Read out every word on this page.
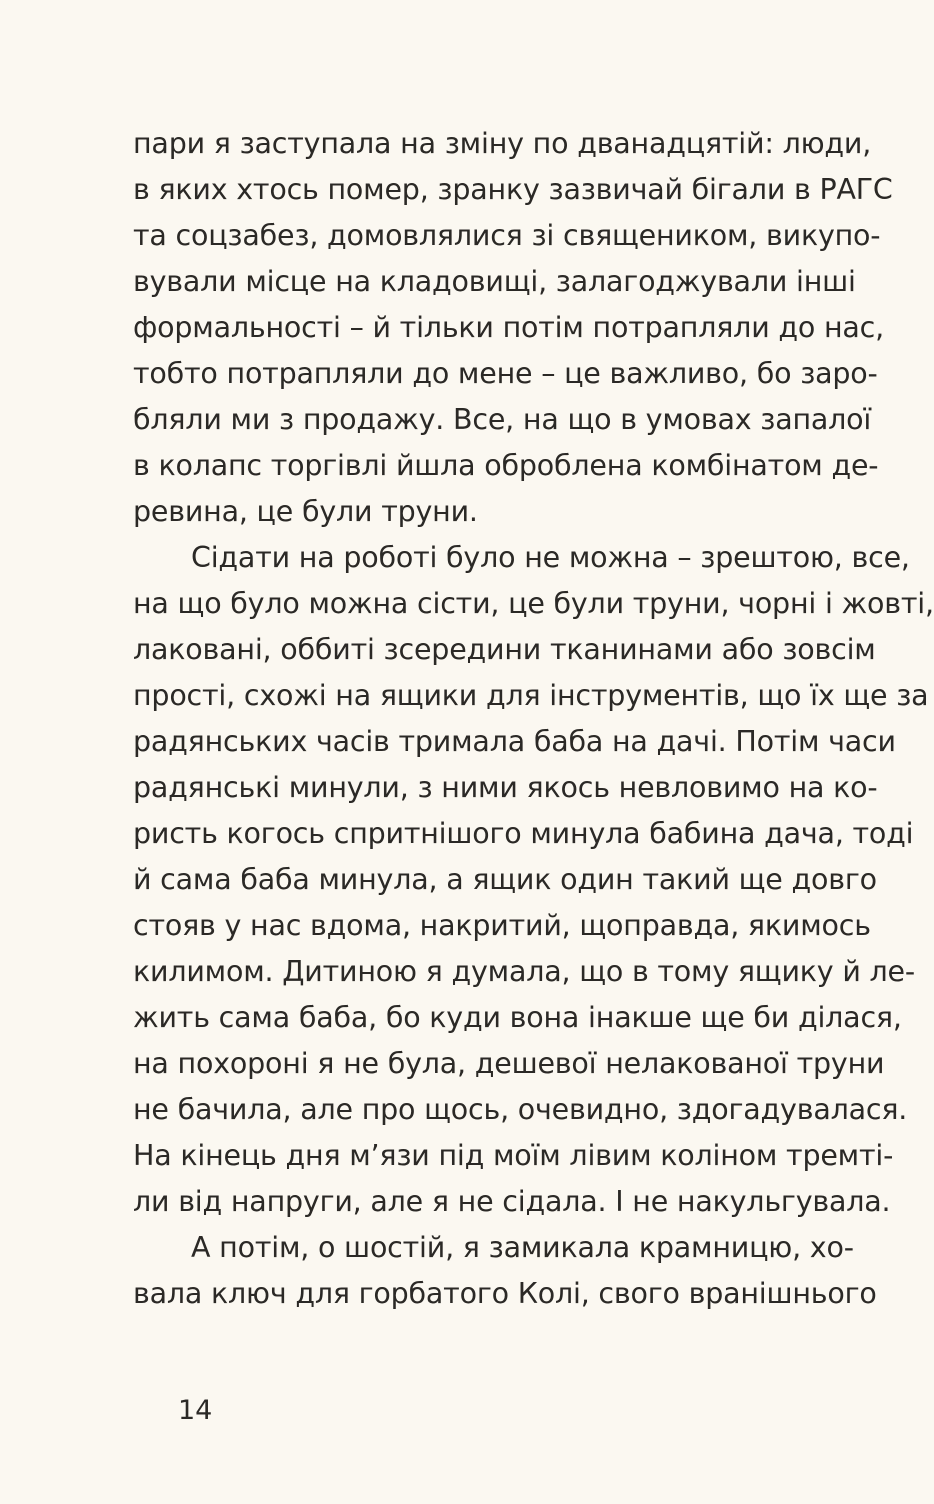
пари я заступала на зміну по дванадцятій: люди,
в яких хтось помер, зранку зазвичай бігали в РАГС
та соцзабез, домовлялися зі священиком, викупо-
вували місце на кладовищі, залагоджували інші
формальності – й тільки потім потрапляли до нас,
тобто потрапляли до мене – це важливо, бо заро-
бляли ми з продажу. Все, на що в умовах запалої
в колапс торгівлі йшла оброблена комбінатом де-
ревина, це були труни.
Сідати на роботі було не можна – зрештою, все,
на що було можна сісти, це були труни, чорні і жовті,
лаковані, оббиті зсередини тканинами або зовсім
прості, схожі на ящики для інструментів, що їх ще за
радянських часів тримала баба на дачі. Потім часи
радянські минули, з ними якось невловимо на ко-
ристь когось спритнішого минула бабина дача, тоді
й сама баба минула, а ящик один такий ще довго
стояв у нас вдома, накритий, щоправда, якимось
килимом. Дитиною я думала, що в тому ящику й ле-
жить сама баба, бо куди вона інакше ще би ділася,
на похороні я не була, дешевої нелакованої труни
не бачила, але про щось, очевидно, здогадувалася.
На кінець дня м’язи під моїм лівим коліном тремті-
ли від напруги, але я не сідала. І не накульгувала.
А потім, о шостій, я замикала крамницю, хо-
вала ключ для горбатого Колі, свого вранішнього
14
